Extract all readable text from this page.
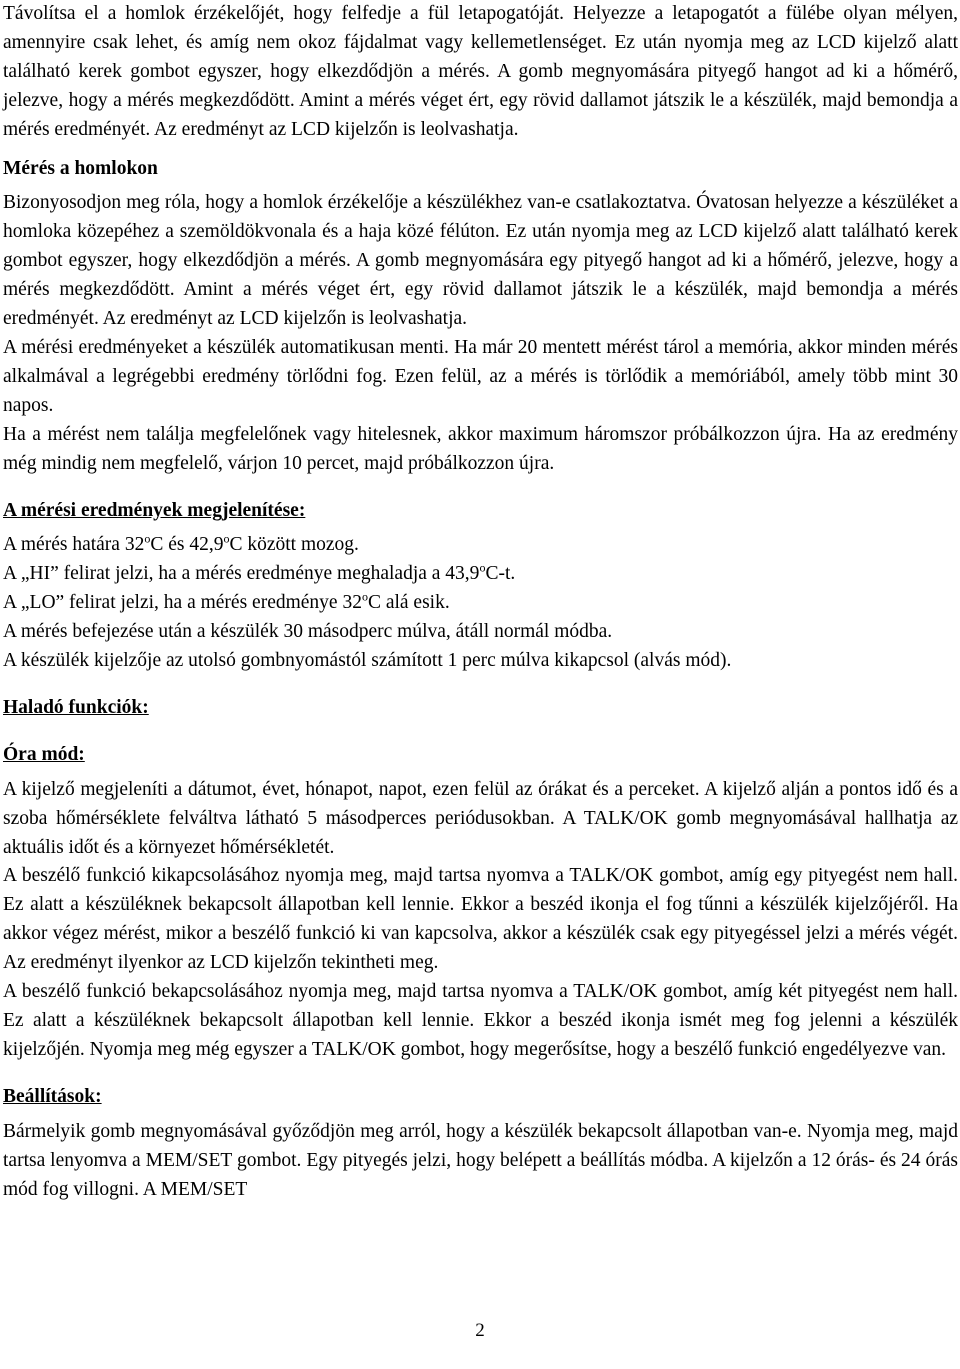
Távolítsa el a homlok érzékelőjét, hogy felfedje a fül letapogatóját. Helyezze a letapogatót a fülébe olyan mélyen, amennyire csak lehet, és amíg nem okoz fájdalmat vagy kellemetlenséget. Ez után nyomja meg az LCD kijelző alatt található kerek gombot egyszer, hogy elkezdődjön a mérés. A gomb megnyomására pityegő hangot ad ki a hőmérő, jelezve, hogy a mérés megkezdődött. Amint a mérés véget ért, egy rövid dallamot játszik le a készülék, majd bemondja a mérés eredményét. Az eredményt az LCD kijelzőn is leolvashatja.

Mérés a homlokon

Bizonyosodjon meg róla, hogy a homlok érzékelője a készülékhez van-e csatlakoztatva. Óvatosan helyezze a készüléket a homloka közepéhez a szemöldökvonala és a haja közé félúton. Ez után nyomja meg az LCD kijelző alatt található kerek gombot egyszer, hogy elkezdődjön a mérés. A gomb megnyomására egy pityegő hangot ad ki a hőmérő, jelezve, hogy a mérés megkezdődött. Amint a mérés véget ért, egy rövid dallamot játszik le a készülék, majd bemondja a mérés eredményét. Az eredményt az LCD kijelzőn is leolvashatja.

A mérési eredményeket a készülék automatikusan menti. Ha már 20 mentett mérést tárol a memória, akkor minden mérés alkalmával a legrégebbi eredmény törlődni fog. Ezen felül, az a mérés is törlődik a memóriából, amely több mint 30 napos.

Ha a mérést nem találja megfelelőnek vagy hitelesnek, akkor maximum háromszor próbálkozzon újra. Ha az eredmény még mindig nem megfelelő, várjon 10 percet, majd próbálkozzon újra.

A mérési eredmények megjelenítése:

A mérés határa 32$^o$C és 42,9$^o$C között mozog.

A „HI” felirat jelzi, ha a mérés eredménye meghaladja a 43,9$^o$C-t.

A „LO” felirat jelzi, ha a mérés eredménye 32$^o$C alá esik.

A mérés befejezése után a készülék 30 másodperc múlva, átáll normál módba.

A készülék kijelzője az utolsó gombnyomástól számított 1 perc múlva kikapcsol (alvás mód).

Haladó funkciók:

Óra mód:

A kijelző megjeleníti a dátumot, évet, hónapot, napot, ezen felül az órákat és a perceket. A kijelző alján a pontos idő és a szoba hőmérséklete felváltva látható 5 másodperces periódusokban. A TALK/OK gomb megnyomásával hallhatja az aktuális időt és a környezet hőmérsékletét.

A beszélő funkció kikapcsolásához nyomja meg, majd tartsa nyomva a TALK/OK gombot, amíg egy pityegést nem hall. Ez alatt a készüléknek bekapcsolt állapotban kell lennie. Ekkor a beszéd ikonja el fog tűnni a készülék kijelzőjéről. Ha akkor végez mérést, mikor a beszélő funkció ki van kapcsolva, akkor a készülék csak egy pityegéssel jelzi a mérés végét. Az eredményt ilyenkor az LCD kijelzőn tekintheti meg.

A beszélő funkció bekapcsolásához nyomja meg, majd tartsa nyomva a TALK/OK gombot, amíg két pityegést nem hall. Ez alatt a készüléknek bekapcsolt állapotban kell lennie. Ekkor a beszéd ikonja ismét meg fog jelenni a készülék kijelzőjén. Nyomja meg még egyszer a TALK/OK gombot, hogy megerősítse, hogy a beszélő funkció engedélyezve van.

Beállítások:

Bármelyik gomb megnyomásával győződjön meg arról, hogy a készülék bekapcsolt állapotban van-e. Nyomja meg, majd tartsa lenyomva a MEM/SET gombot. Egy pityegés jelzi, hogy belépett a beállítás módba. A kijelzőn a 12 órás- és 24 órás mód fog villogni. A MEM/SET

2
